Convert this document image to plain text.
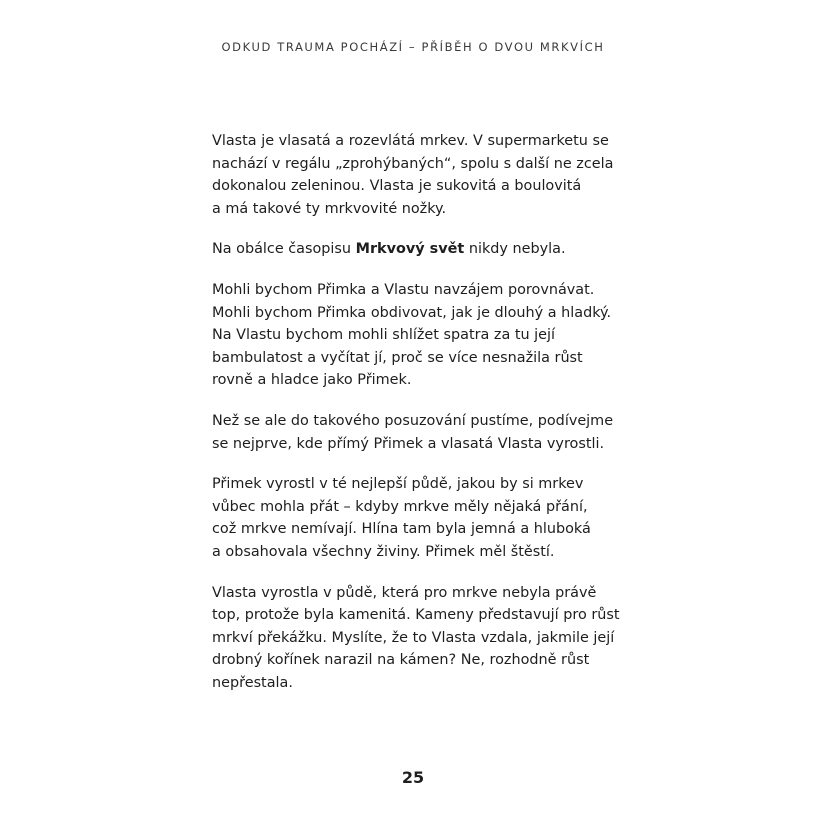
ODKUD TRAUMA POCHÁZÍ – PŘÍBĚH O DVOU MRKVÍCH

Vlasta je vlasatá a rozevlátá mrkev. V supermarketu se
nachází v regálu „zprohýbaných“, spolu s další ne zcela
dokonalou zeleninou. Vlasta je sukovitá a boulovitá
a má takové ty mrkvovité nožky.

Na obálce časopisu Mrkvový svět nikdy nebyla.

Mohli bychom Přimka a Vlastu navzájem porovnávat.
Mohli bychom Přimka obdivovat, jak je dlouhý a hladký.
Na Vlastu bychom mohli shlížet spatra za tu její
bambulatost a vyčítat jí, proč se více nesnažila růst
rovně a hladce jako Přimek.

Než se ale do takového posuzování pustíme, podívejme
se nejprve, kde přímý Přimek a vlasatá Vlasta vyrostli.

Přimek vyrostl v té nejlepší půdě, jakou by si mrkev
vůbec mohla přát – kdyby mrkve měly nějaká přání,
což mrkve nemívají. Hlína tam byla jemná a hluboká
a obsahovala všechny živiny. Přimek měl štěstí.

Vlasta vyrostla v půdě, která pro mrkve nebyla právě
top, protože byla kamenitá. Kameny představují pro růst
mrkví překážku. Myslíte, že to Vlasta vzdala, jakmile její
drobný kořínek narazil na kámen? Ne, rozhodně růst
nepřestala.

25
